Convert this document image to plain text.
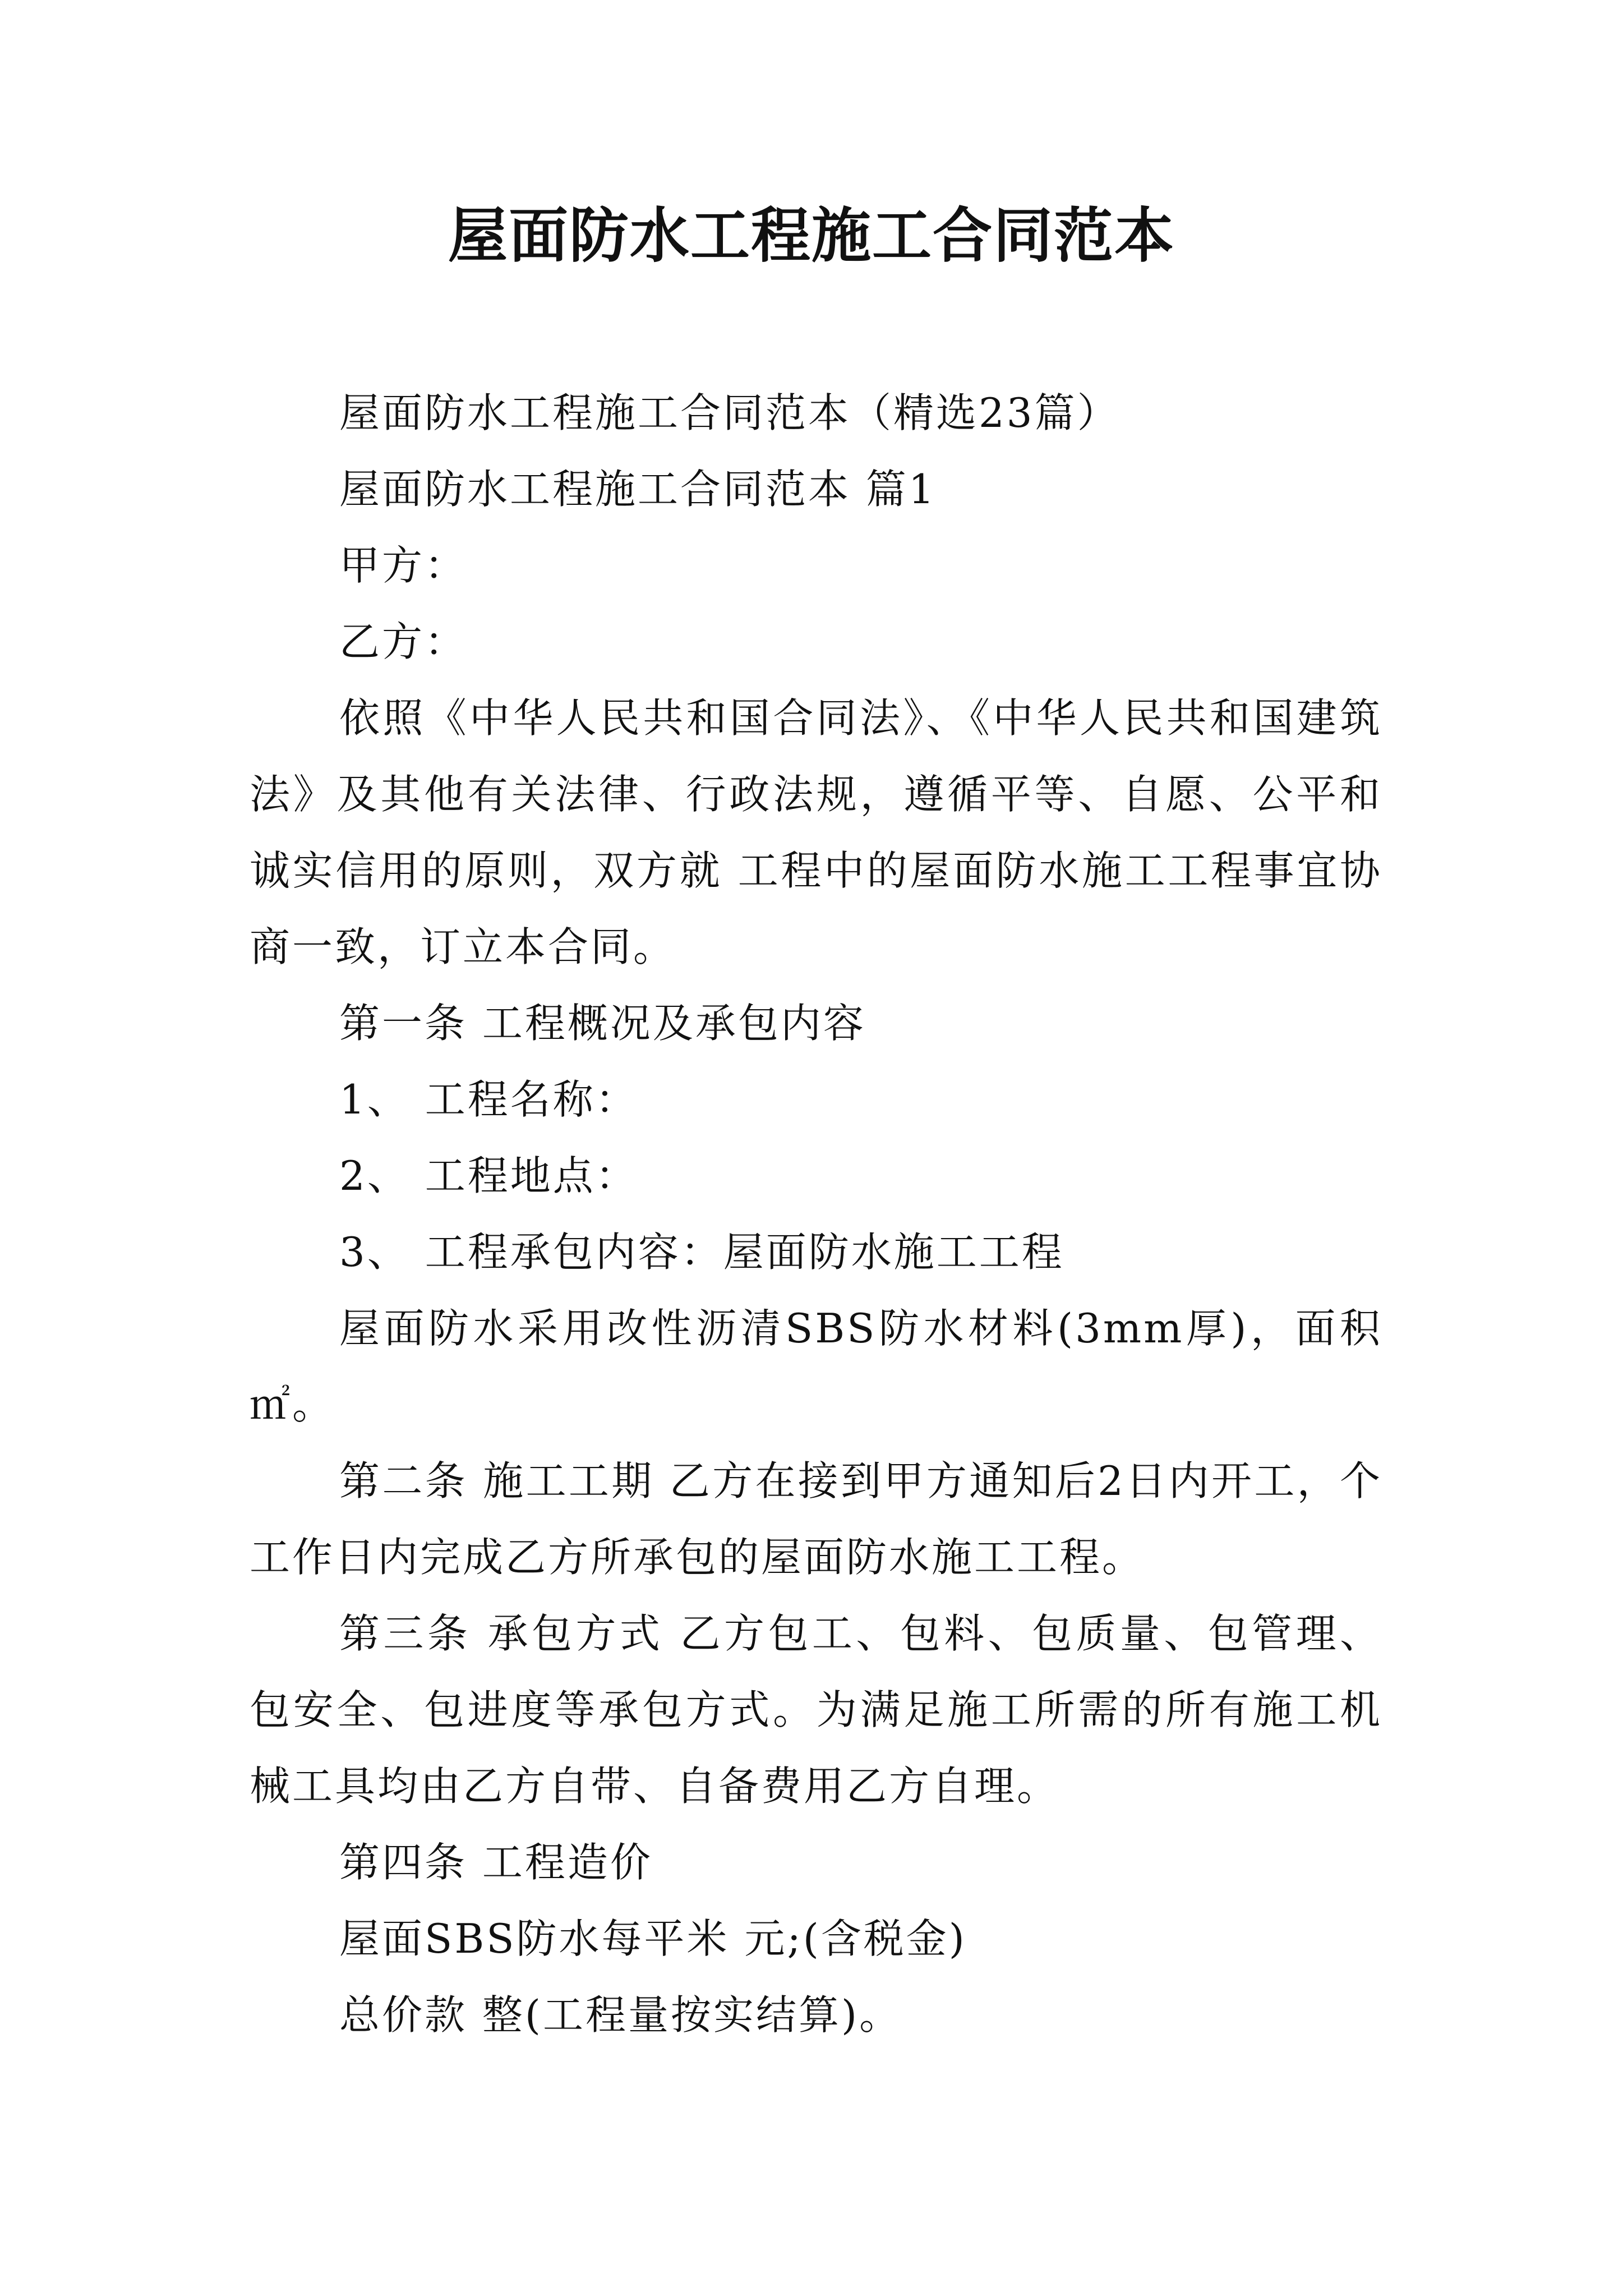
屋面防水工程施工合同范本

屋面防水工程施工合同范本（精选23篇）

屋面防水工程施工合同范本 篇1

甲方：

乙方：

依照《中华人民共和国合同法》、《中华人民共和国建筑法》及其他有关法律、行政法规，遵循平等、自愿、公平和诚实信用的原则，双方就 工程中的屋面防水施工工程事宜协商一致，订立本合同。

第一条 工程概况及承包内容

1、 工程名称：

2、 工程地点：

3、 工程承包内容：屋面防水施工工程

屋面防水采用改性沥清SBS防水材料(3mm厚)，面积㎡。

第二条 施工工期 乙方在接到甲方通知后2日内开工，个工作日内完成乙方所承包的屋面防水施工工程。

第三条 承包方式 乙方包工、包料、包质量、包管理、包安全、包进度等承包方式。为满足施工所需的所有施工机械工具均由乙方自带、自备费用乙方自理。

第四条 工程造价

屋面SBS防水每平米 元;(含税金)

总价款 整(工程量按实结算)。
